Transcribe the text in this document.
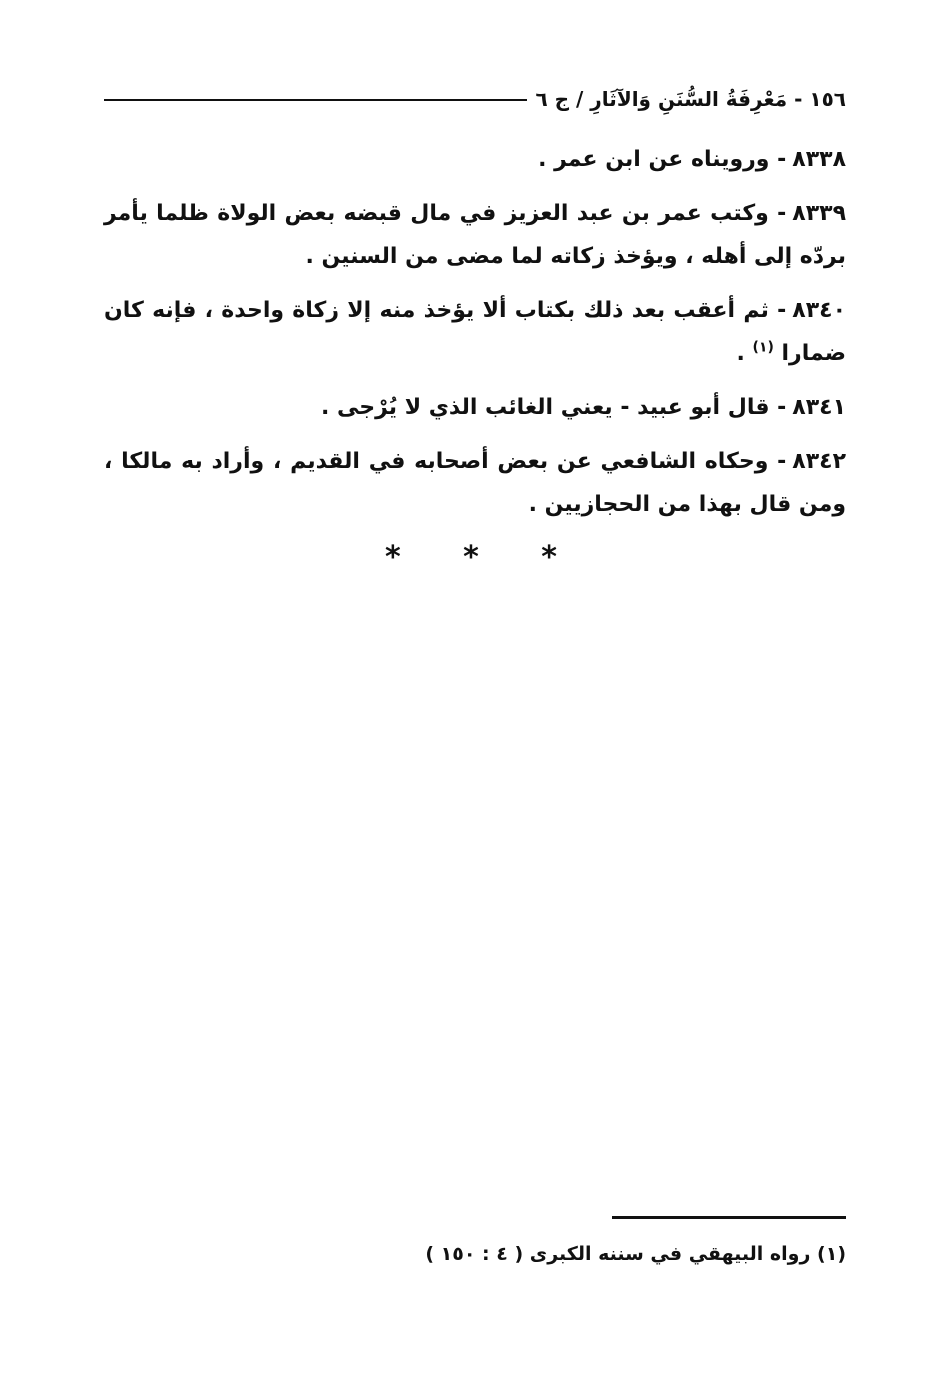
١٥٦ - مَعْرِفَةُ السُّنَنِ وَالآثَارِ / ج ٦

٨٣٣٨- ورويناه عن ابن عمر .

٨٣٣٩- وكتب عمر بن عبد العزيز في مال قبضه بعض الولاة ظلما يأمر بردّه إلى أهله ، ويؤخذ زكاته لما مضى من السنين .

٨٣٤٠- ثم أعقب بعد ذلك بكتاب ألا يؤخذ منه إلا زكاة واحدة ، فإنه كان ضمارا $^{(١)}$ .

٨٣٤١- قال أبو عبيد - يعني الغائب الذي لا يُرْجى .

٨٣٤٢- وحكاه الشافعي عن بعض أصحابه في القديم ، وأراد به مالكا ، ومن قال بهذا من الحجازيين .

* * *
(١) رواه البيهقي في سننه الكبرى ( ٤ : ١٥٠ )
